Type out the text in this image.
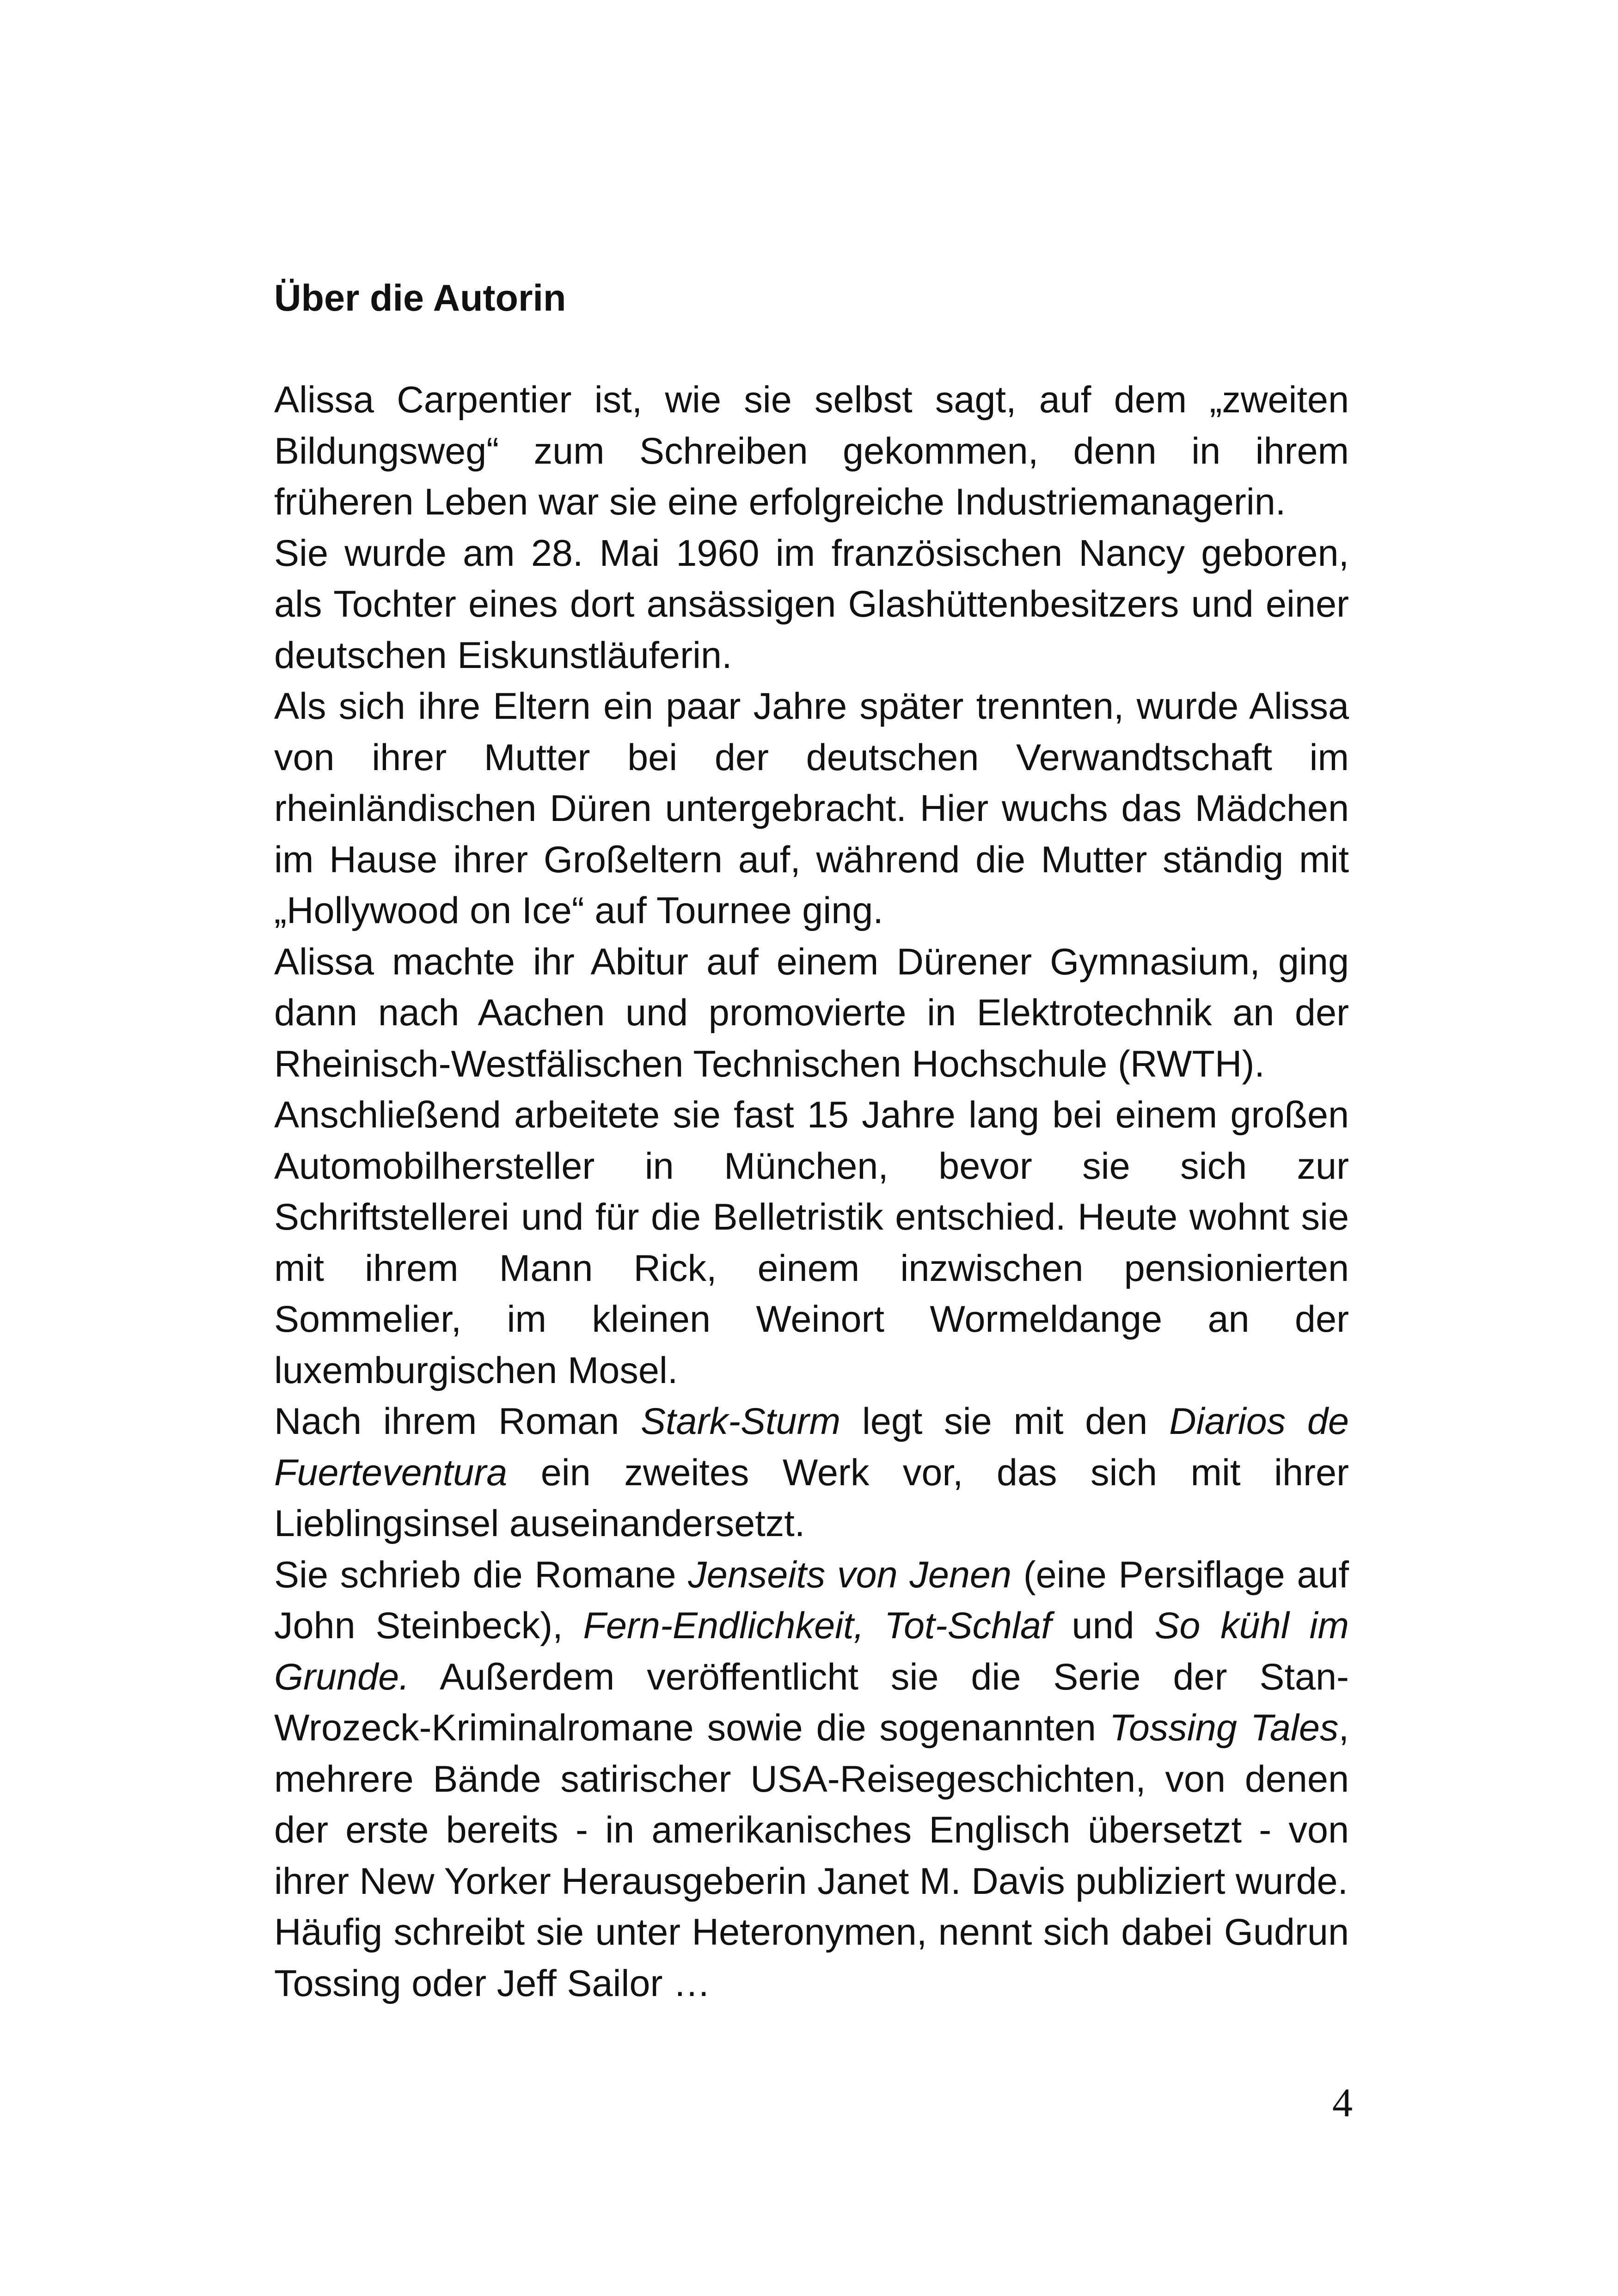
Über die Autorin

Alissa Carpentier ist, wie sie selbst sagt, auf dem „zweiten Bildungsweg“ zum Schreiben gekommen, denn in ihrem früheren Leben war sie eine erfolgreiche Industriemanagerin.

Sie wurde am 28. Mai 1960 im französischen Nancy geboren, als Tochter eines dort ansässigen Glashüttenbesitzers und einer deutschen Eiskunstläuferin.

Als sich ihre Eltern ein paar Jahre später trennten, wurde Alissa von ihrer Mutter bei der deutschen Verwandtschaft im rheinländischen Düren untergebracht. Hier wuchs das Mädchen im Hause ihrer Großeltern auf, während die Mutter ständig mit „Hollywood on Ice“ auf Tournee ging.

Alissa machte ihr Abitur auf einem Dürener Gymnasium, ging dann nach Aachen und promovierte in Elektrotechnik an der Rheinisch-Westfälischen Technischen Hochschule (RWTH).

Anschließend arbeitete sie fast 15 Jahre lang bei einem großen Automobilhersteller in München, bevor sie sich zur Schriftstellerei und für die Belletristik entschied. Heute wohnt sie mit ihrem Mann Rick, einem inzwischen pensionierten Sommelier, im kleinen Weinort Wormeldange an der luxemburgischen Mosel.

Nach ihrem Roman Stark-Sturm legt sie mit den Diarios de Fuerteventura ein zweites Werk vor, das sich mit ihrer Lieblingsinsel auseinandersetzt.

Sie schrieb die Romane Jenseits von Jenen (eine Persiflage auf John Steinbeck), Fern-Endlichkeit, Tot-Schlaf und So kühl im Grunde. Außerdem veröffentlicht sie die Serie der Stan-Wrozeck-Kriminalromane sowie die sogenannten Tossing Tales, mehrere Bände satirischer USA-Reisegeschichten, von denen der erste bereits - in amerikanisches Englisch übersetzt - von ihrer New Yorker Herausgeberin Janet M. Davis publiziert wurde.

Häufig schreibt sie unter Heteronymen, nennt sich dabei Gudrun Tossing oder Jeff Sailor …

4
